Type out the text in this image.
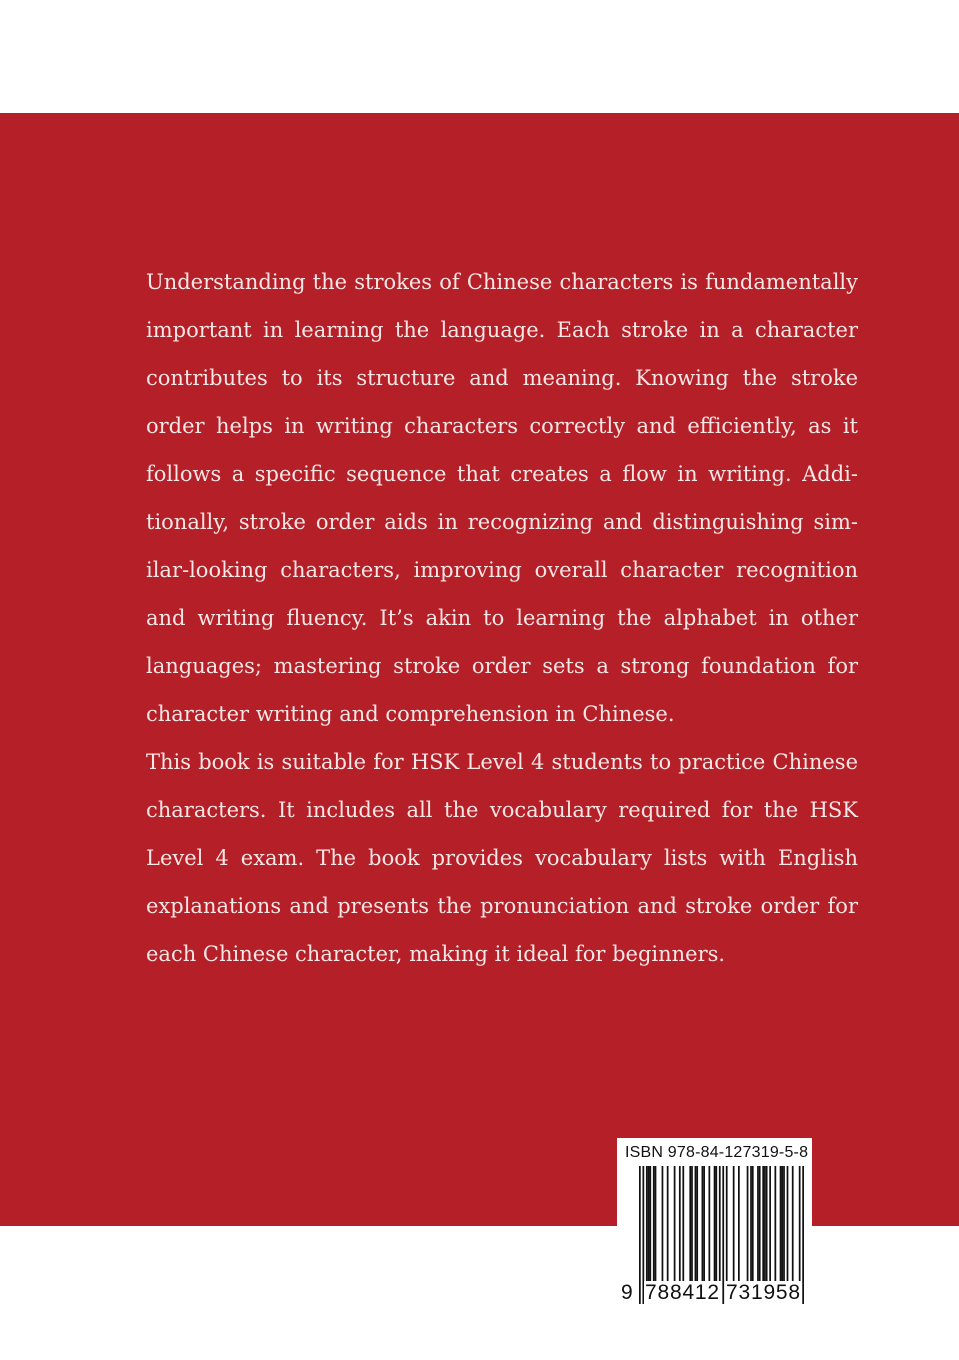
Understanding the strokes of Chinese characters is fundamentally important in learning the language. Each stroke in a character contributes to its structure and meaning. Knowing the stroke order helps in writing characters correctly and efficiently, as it follows a specific sequence that creates a flow in writing. Additionally, stroke order aids in recognizing and distinguishing similar-looking characters, improving overall character recognition and writing fluency. It’s akin to learning the alphabet in other languages; mastering stroke order sets a strong foundation for character writing and comprehension in Chinese.

This book is suitable for HSK Level 4 students to practice Chinese characters. It includes all the vocabulary required for the HSK Level 4 exam. The book provides vocabulary lists with English explanations and presents the pronunciation and stroke order for each Chinese character, making it ideal for beginners.

ISBN 978-84-127319-5-8
9 788412 731958
